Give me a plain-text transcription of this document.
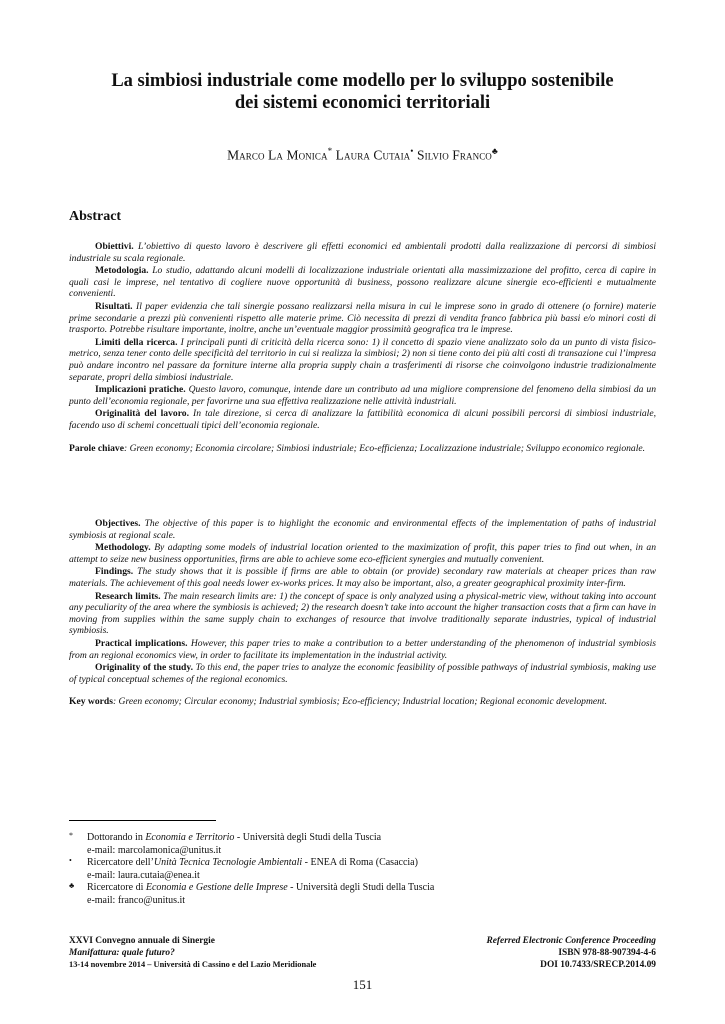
La simbiosi industriale come modello per lo sviluppo sostenibile
dei sistemi economici territoriali
Marco La Monica* Laura Cutaia• Silvio Franco♣
Abstract

Obiettivi. L’obiettivo di questo lavoro è descrivere gli effetti economici ed ambientali prodotti dalla realizzazione di percorsi di simbiosi industriale su scala regionale.

Metodologia. Lo studio, adattando alcuni modelli di localizzazione industriale orientati alla massimizzazione del profitto, cerca di capire in quali casi le imprese, nel tentativo di cogliere nuove opportunità di business, possono realizzare alcune sinergie eco-efficienti e mutualmente convenienti.

Risultati. Il paper evidenzia che tali sinergie possano realizzarsi nella misura in cui le imprese sono in grado di ottenere (o fornire) materie prime secondarie a prezzi più convenienti rispetto alle materie prime. Ciò necessita di prezzi di vendita franco fabbrica più bassi e/o minori costi di trasporto. Potrebbe risultare importante, inoltre, anche un’eventuale maggior prossimità geografica tra le imprese.

Limiti della ricerca. I principali punti di criticità della ricerca sono: 1) il concetto di spazio viene analizzato solo da un punto di vista fisico-metrico, senza tener conto delle specificità del territorio in cui si realizza la simbiosi; 2) non si tiene conto dei più alti costi di transazione cui l’impresa può andare incontro nel passare da forniture interne alla propria supply chain a trasferimenti di risorse che coinvolgono industrie tradizionalmente separate, propri della simbiosi industriale.

Implicazioni pratiche. Questo lavoro, comunque, intende dare un contributo ad una migliore comprensione del fenomeno della simbiosi da un punto dell’economia regionale, per favorirne una sua effettiva realizzazione nelle attività industriali.

Originalità del lavoro. In tale direzione, si cerca di analizzare la fattibilità economica di alcuni possibili percorsi di simbiosi industriale, facendo uso di schemi concettuali tipici dell’economia regionale.

Parole chiave: Green economy; Economia circolare; Simbiosi industriale; Eco-efficienza; Localizzazione industriale; Sviluppo economico regionale.

Objectives. The objective of this paper is to highlight the economic and environmental effects of the implementation of paths of industrial symbiosis at regional scale.

Methodology. By adapting some models of industrial location oriented to the maximization of profit, this paper tries to find out when, in an attempt to seize new business opportunities, firms are able to achieve some eco-efficient synergies and mutually convenient.

Findings. The study shows that it is possible if firms are able to obtain (or provide) secondary raw materials at cheaper prices than raw materials. The achievement of this goal needs lower ex-works prices. It may also be important, also, a greater geographical proximity inter-firm.

Research limits. The main research limits are: 1) the concept of space is only analyzed using a physical-metric view, without taking into account any peculiarity of the area where the symbiosis is achieved; 2) the research doesn’t take into account the higher transaction costs that a firm can have in moving from supplies within the same supply chain to exchanges of resource that involve traditionally separate industries, typical of industrial symbiosis.

Practical implications. However, this paper tries to make a contribution to a better understanding of the phenomenon of industrial symbiosis from an regional economics view, in order to facilitate its implementation in the industrial activity.

Originality of the study. To this end, the paper tries to analyze the economic feasibility of possible pathways of industrial symbiosis, making use of typical conceptual schemes of the regional economics.

Key words: Green economy; Circular economy; Industrial symbiosis; Eco-efficiency; Industrial location; Regional economic development.

* Dottorando in Economia e Territorio - Università degli Studi della Tuscia
e-mail: marcolamonica@unitus.it
• Ricercatore dell’Unità Tecnica Tecnologie Ambientali - ENEA di Roma (Casaccia)
e-mail: laura.cutaia@enea.it
♣ Ricercatore di Economia e Gestione delle Imprese - Università degli Studi della Tuscia
e-mail: franco@unitus.it
XXVI Convegno annuale di Sinergie
Manifattura: quale futuro?
13-14 novembre 2014 – Università di Cassino e del Lazio Meridionale
Referred Electronic Conference Proceeding
ISBN 978-88-907394-4-6
DOI 10.7433/SRECP.2014.09
151
